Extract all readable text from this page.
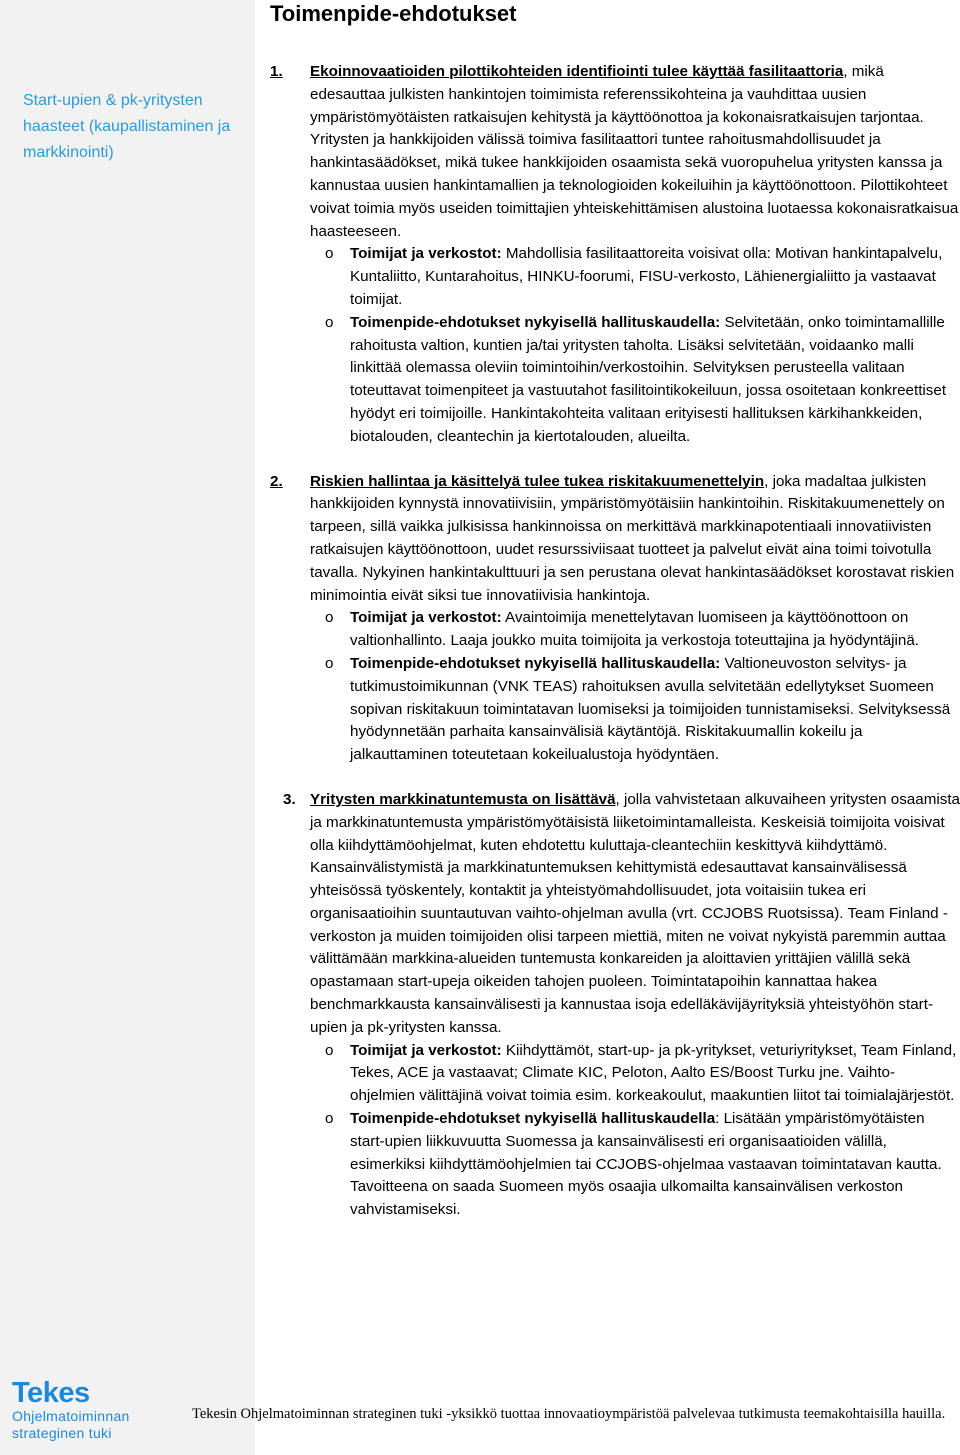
Start-upien & pk-yritysten haasteet (kaupallistaminen ja markkinointi)
Tekes
Ohjelmatoiminnan
strateginen tuki
Toimenpide-ehdotukset
1. Ekoinnovaatioiden pilottikohteiden identifiointi tulee käyttää fasilitaattoria, mikä edesauttaa julkisten hankintojen toimimista referenssikohteina ja vauhdittaa uusien ympäristömyötäisten ratkaisujen kehitystä ja käyttöönottoa ja kokonaisratkaisujen tarjontaa. Yritysten ja hankkijoiden välissä toimiva fasilitaattori tuntee rahoitusmahdollisuudet ja hankintasäädökset, mikä tukee hankkijoiden osaamista sekä vuoropuhelua yritysten kanssa ja kannustaa uusien hankintamallien ja teknologioiden kokeiluihin ja käyttöönottoon. Pilottikohteet voivat toimia myös useiden toimittajien yhteiskehittämisen alustoina luotaessa kokonaisratkaisua haasteeseen.

o Toimijat ja verkostot: Mahdollisia fasilitaattoreita voisivat olla: Motivan hankintapalvelu, Kuntaliitto, Kuntarahoitus, HINKU-foorumi, FISU-verkosto, Lähienergialiitto ja vastaavat toimijat.
o Toimenpide-ehdotukset nykyisellä hallituskaudella: Selvitetään, onko toimintamallille rahoitusta valtion, kuntien ja/tai yritysten taholta. Lisäksi selvitetään, voidaanko malli linkittää olemassa oleviin toimintoihin/verkostoihin. Selvityksen perusteella valitaan toteuttavat toimenpiteet ja vastuutahot fasilitointikokeiluun, jossa osoitetaan konkreettiset hyödyt eri toimijoille. Hankintakohteita valitaan erityisesti hallituksen kärkihankkeiden, biotalouden, cleantechin ja kiertotalouden, alueilta.
2. Riskien hallintaa ja käsittelyä tulee tukea riskitakuumenettelyin, joka madaltaa julkisten hankkijoiden kynnystä innovatiivisiin, ympäristömyötäisiin hankintoihin. Riskitakuumenettely on tarpeen, sillä vaikka julkisissa hankinnoissa on merkittävä markkinapotentiaali innovatiivisten ratkaisujen käyttöönottoon, uudet resurssiviisaat tuotteet ja palvelut eivät aina toimi toivotulla tavalla. Nykyinen hankintakulttuuri ja sen perustana olevat hankintasäädökset korostavat riskien minimointia eivät siksi tue innovatiivisia hankintoja.

o Toimijat ja verkostot: Avaintoimija menettelytavan luomiseen ja käyttöönottoon on valtionhallinto. Laaja joukko muita toimijoita ja verkostoja toteuttajina ja hyödyntäjinä.
o Toimenpide-ehdotukset nykyisellä hallituskaudella: Valtioneuvoston selvitys- ja tutkimustoimikunnan (VNK TEAS) rahoituksen avulla selvitetään edellytykset Suomeen sopivan riskitakuun toimintatavan luomiseksi ja toimijoiden tunnistamiseksi. Selvityksessä hyödynnetään parhaita kansainvälisiä käytäntöjä. Riskitakuumallin kokeilu ja jalkauttaminen toteutetaan kokeilualustoja hyödyntäen.
3. Yritysten markkinatuntemusta on lisättävä, jolla vahvistetaan alkuvaiheen yritysten osaamista ja markkinatuntemusta ympäristömyötäisistä liiketoimintamalleista. Keskeisiä toimijoita voisivat olla kiihdyttämöohjelmat, kuten ehdotettu kuluttaja-cleantechiin keskittyvä kiihdyttämö. Kansainvälistymistä ja markkinatuntemuksen kehittymistä edesauttavat kansainvälisessä yhteisössä työskentely, kontaktit ja yhteistyömahdollisuudet, jota voitaisiin tukea eri organisaatioihin suuntautuvan vaihto-ohjelman avulla (vrt. CCJOBS Ruotsissa). Team Finland -verkoston ja muiden toimijoiden olisi tarpeen miettiä, miten ne voivat nykyistä paremmin auttaa välittämään markkina-alueiden tuntemusta konkareiden ja aloittavien yrittäjien välillä sekä opastamaan start-upeja oikeiden tahojen puoleen. Toimintatapoihin kannattaa hakea benchmarkkausta kansainvälisesti ja kannustaa isoja edelläkävijäyrityksiä yhteistyöhön start-upien ja pk-yritysten kanssa.

o Toimijat ja verkostot: Kiihdyttämöt, start-up- ja pk-yritykset, veturiyritykset, Team Finland, Tekes, ACE ja vastaavat; Climate KIC, Peloton, Aalto ES/Boost Turku jne. Vaihto-ohjelmien välittäjinä voivat toimia esim. korkeakoulut, maakuntien liitot tai toimialajärjestöt.
o Toimenpide-ehdotukset nykyisellä hallituskaudella: Lisätään ympäristömyötäisten start-upien liikkuvuutta Suomessa ja kansainvälisesti eri organisaatioiden välillä, esimerkiksi kiihdyttämöohjelmien tai CCJOBS-ohjelmaa vastaavan toimintatavan kautta. Tavoitteena on saada Suomeen myös osaajia ulkomailta kansainvälisen verkoston vahvistamiseksi.
Tekesin Ohjelmatoiminnan strateginen tuki -yksikkö tuottaa innovaatioympäristöä palvelevaa tutkimusta teemakohtaisilla hauilla.
